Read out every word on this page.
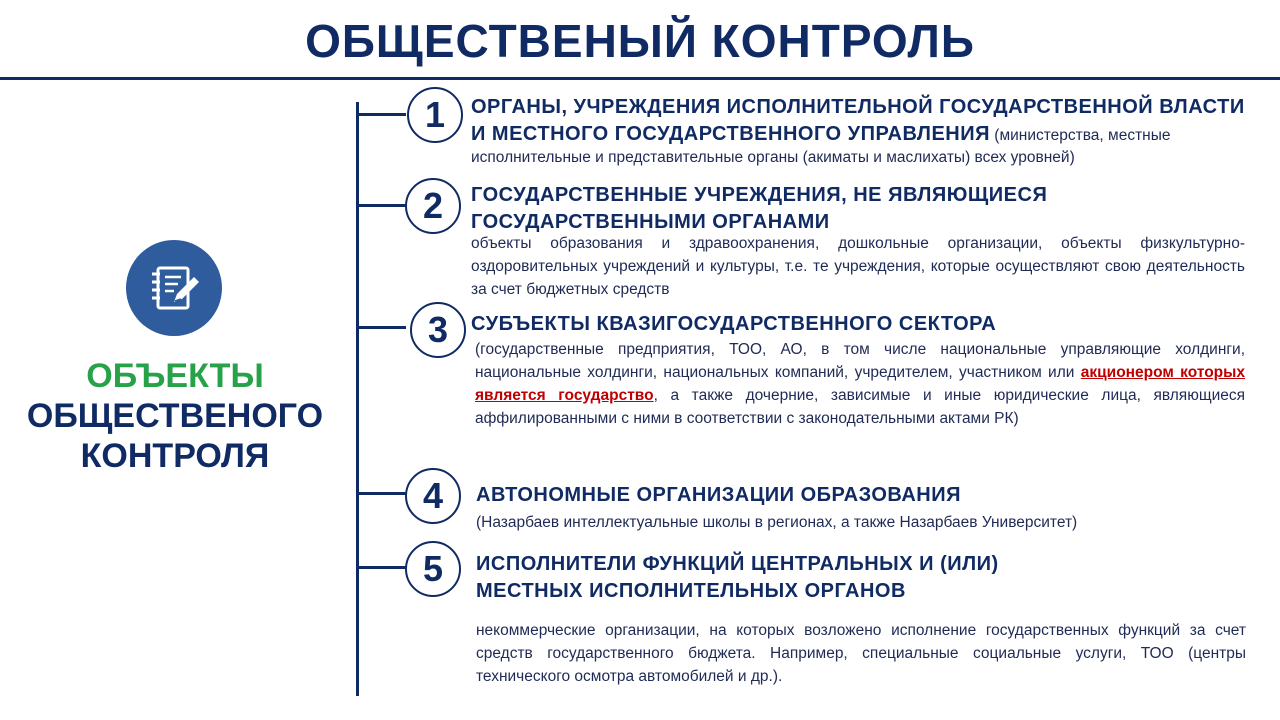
ОБЩЕСТВЕНЫЙ КОНТРОЛЬ
ОБЪЕКТЫ
ОБЩЕСТВЕНОГО
КОНТРОЛЯ
1	ОРГАНЫ, УЧРЕЖДЕНИЯ ИСПОЛНИТЕЛЬНОЙ ГОСУДАРСТВЕННОЙ ВЛАСТИ
И МЕСТНОГО ГОСУДАРСТВЕННОГО УПРАВЛЕНИЯ (министерства, местные
исполнительные и представительные органы (акиматы и маслихаты) всех уровней)
2	ГОСУДАРСТВЕННЫЕ УЧРЕЖДЕНИЯ, НЕ ЯВЛЯЮЩИЕСЯ
ГОСУДАРСТВЕННЫМИ ОРГАНАМИ
объекты образования и здравоохранения, дошкольные организации, объекты физкультурно-оздоровительных учреждений и культуры, т.е. те учреждения, которые осуществляют свою деятельность за счет бюджетных средств
3	СУБЪЕКТЫ КВАЗИГОСУДАРСТВЕННОГО СЕКТОРА
(государственные предприятия, ТОО, АО, в том числе национальные управляющие холдинги, национальные холдинги, национальных компаний, учредителем, участником или акционером которых является государство, а также дочерние, зависимые и иные юридические лица, являющиеся аффилированными с ними в соответствии с законодательными актами РК)
4	АВТОНОМНЫЕ ОРГАНИЗАЦИИ ОБРАЗОВАНИЯ
(Назарбаев интеллектуальные школы в регионах, а также Назарбаев Университет)
5	ИСПОЛНИТЕЛИ ФУНКЦИЙ ЦЕНТРАЛЬНЫХ И (ИЛИ)
МЕСТНЫХ ИСПОЛНИТЕЛЬНЫХ ОРГАНОВ
некоммерческие организации, на которых возложено исполнение государственных функций за счет средств государственного бюджета. Например, специальные социальные услуги, ТОО (центры технического осмотра автомобилей и др.).
